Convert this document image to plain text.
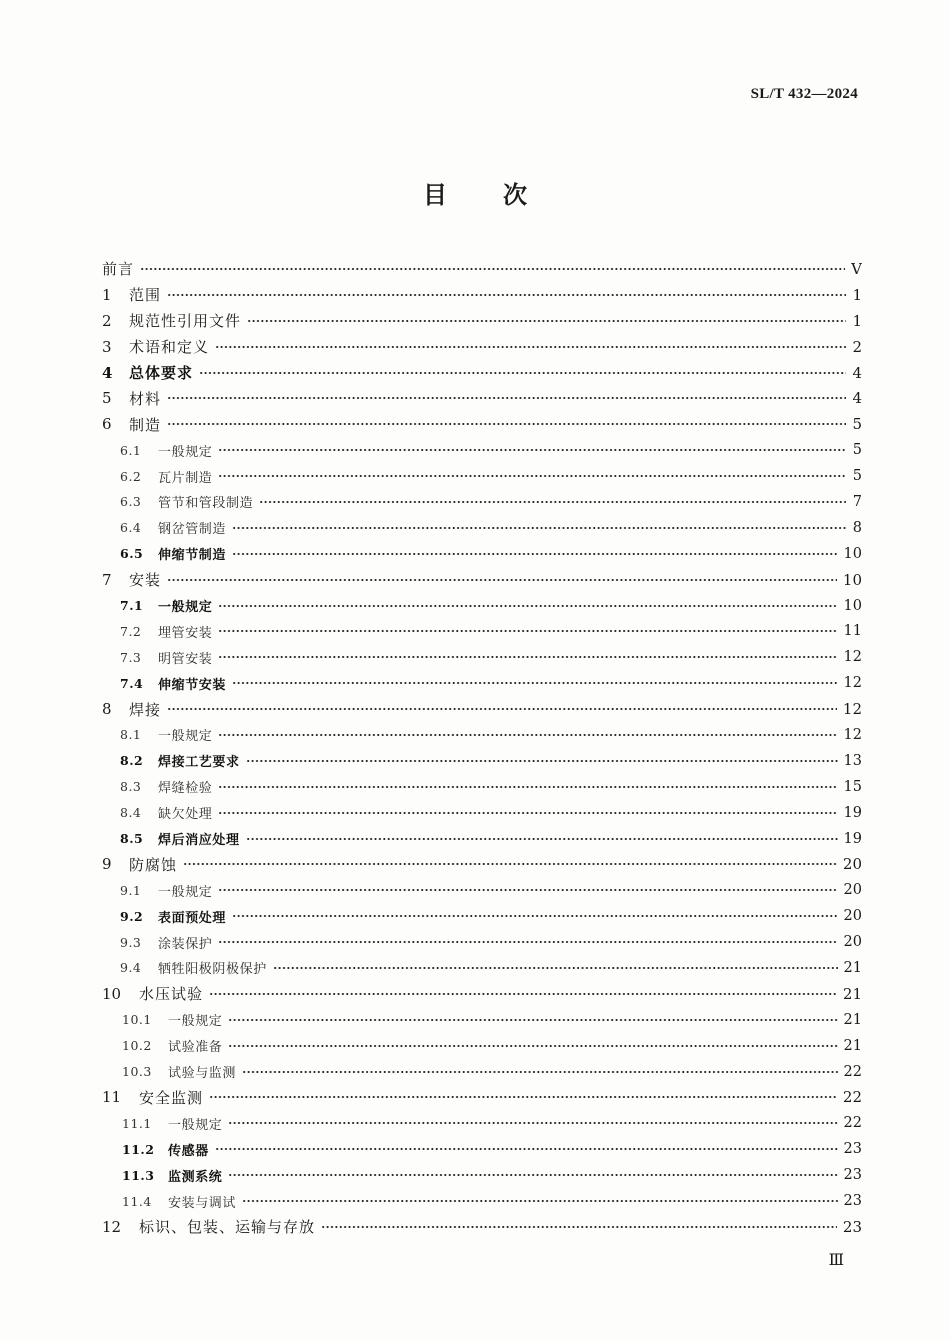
SL/T 432—2024
目次
前言	V
1	范围	1
2	规范性引用文件	1
3	术语和定义	2
4	总体要求	4
5	材料	4
6	制造	5
6.1	一般规定	5
6.2	瓦片制造	5
6.3	管节和管段制造	7
6.4	钢岔管制造	8
6.5	伸缩节制造	10
7	安装	10
7.1	一般规定	10
7.2	埋管安装	11
7.3	明管安装	12
7.4	伸缩节安装	12
8	焊接	12
8.1	一般规定	12
8.2	焊接工艺要求	13
8.3	焊缝检验	15
8.4	缺欠处理	19
8.5	焊后消应处理	19
9	防腐蚀	20
9.1	一般规定	20
9.2	表面预处理	20
9.3	涂装保护	20
9.4	牺牲阳极阴极保护	21
10	水压试验	21
10.1	一般规定	21
10.2	试验准备	21
10.3	试验与监测	22
11	安全监测	22
11.1	一般规定	22
11.2	传感器	23
11.3	监测系统	23
11.4	安装与调试	23
12	标识、包装、运输与存放	23
Ⅲ
